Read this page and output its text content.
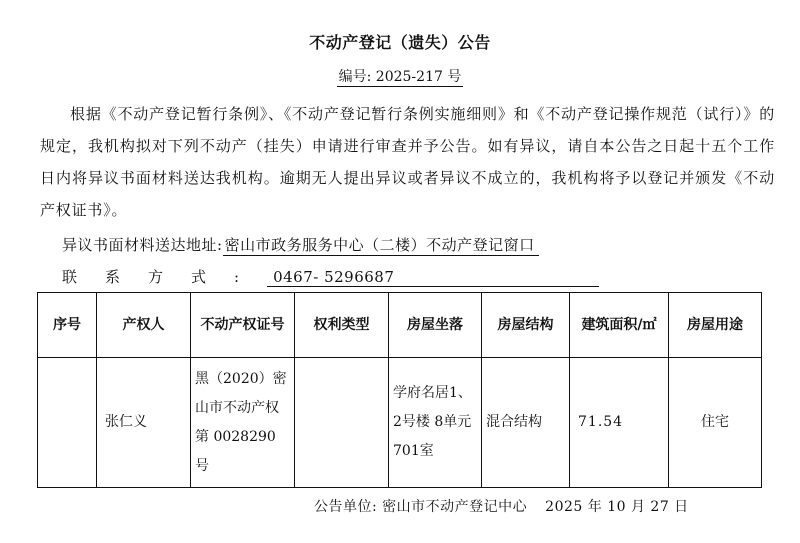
不动产登记（遗失）公告
编号: 2025-217 号
根据《不动产登记暂行条例》、《不动产登记暂行条例实施细则》和《不动产登记操作规范（试行）》的规定，我机构拟对下列不动产（挂失）申请进行审查并予公告。如有异议，请自本公告之日起十五个工作日内将异议书面材料送达我机构。逾期无人提出异议或者异议不成立的，我机构将予以登记并颁发《不动产权证书》。
异议书面材料送达地址: 密山市政务服务中心（二楼）不动产登记窗口
联系方式: 0467- 5296687
序号	产权人	不动产权证号	权利类型	房屋坐落	房屋结构	建筑面积/㎡	房屋用途
	张仁义	黑（2020）密山市不动产权第 0028290 号		学府名居1、2号楼 8单元701室	混合结构	71.54	住宅
公告单位: 密山市不动产登记中心 2025 年 10 月 27 日
